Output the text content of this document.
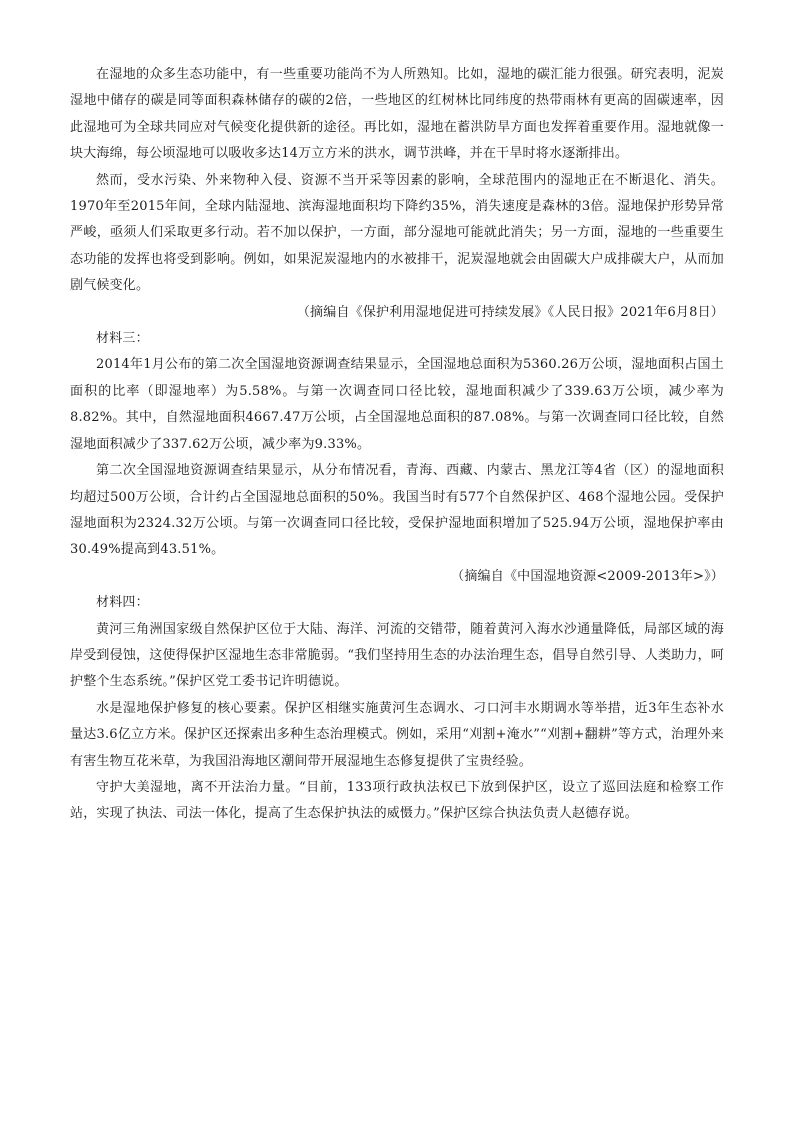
在湿地的众多生态功能中，有一些重要功能尚不为人所熟知。比如，湿地的碳汇能力很强。研究表明，泥炭湿地中储存的碳是同等面积森林储存的碳的2倍，一些地区的红树林比同纬度的热带雨林有更高的固碳速率，因此湿地可为全球共同应对气候变化提供新的途径。再比如，湿地在蓄洪防旱方面也发挥着重要作用。湿地就像一块大海绵，每公顷湿地可以吸收多达14万立方米的洪水，调节洪峰，并在干旱时将水逐渐排出。

然而，受水污染、外来物种入侵、资源不当开采等因素的影响，全球范围内的湿地正在不断退化、消失。1970年至2015年间，全球内陆湿地、滨海湿地面积均下降约35%，消失速度是森林的3倍。湿地保护形势异常严峻，亟须人们采取更多行动。若不加以保护，一方面，部分湿地可能就此消失；另一方面，湿地的一些重要生态功能的发挥也将受到影响。例如，如果泥炭湿地内的水被排干，泥炭湿地就会由固碳大户成排碳大户，从而加剧气候变化。

（摘编自《保护利用湿地促进可持续发展》《人民日报》2021年6月8日）

材料三：

2014年1月公布的第二次全国湿地资源调查结果显示，全国湿地总面积为5360.26万公顷，湿地面积占国土面积的比率（即湿地率）为5.58%。与第一次调查同口径比较，湿地面积减少了339.63万公顷，减少率为8.82%。其中，自然湿地面积4667.47万公顷，占全国湿地总面积的87.08%。与第一次调查同口径比较，自然湿地面积减少了337.62万公顷，减少率为9.33%。

第二次全国湿地资源调查结果显示，从分布情况看，青海、西藏、内蒙古、黑龙江等4省（区）的湿地面积均超过500万公顷，合计约占全国湿地总面积的50%。我国当时有577个自然保护区、468个湿地公园。受保护湿地面积为2324.32万公顷。与第一次调查同口径比较，受保护湿地面积增加了525.94万公顷，湿地保护率由30.49%提高到43.51%。

（摘编自《中国湿地资源<2009-2013年>》）

材料四：

黄河三角洲国家级自然保护区位于大陆、海洋、河流的交错带，随着黄河入海水沙通量降低，局部区域的海岸受到侵蚀，这使得保护区湿地生态非常脆弱。“我们坚持用生态的办法治理生态，倡导自然引导、人类助力，呵护整个生态系统。”保护区党工委书记许明德说。

水是湿地保护修复的核心要素。保护区相继实施黄河生态调水、刁口河丰水期调水等举措，近3年生态补水量达3.6亿立方米。保护区还探索出多种生态治理模式。例如，采用“刈割+淹水”“刈割+翻耕”等方式，治理外来有害生物互花米草，为我国沿海地区潮间带开展湿地生态修复提供了宝贵经验。

守护大美湿地，离不开法治力量。“目前，133项行政执法权已下放到保护区，设立了巡回法庭和检察工作站，实现了执法、司法一体化，提高了生态保护执法的威慑力。”保护区综合执法负责人赵德存说。
